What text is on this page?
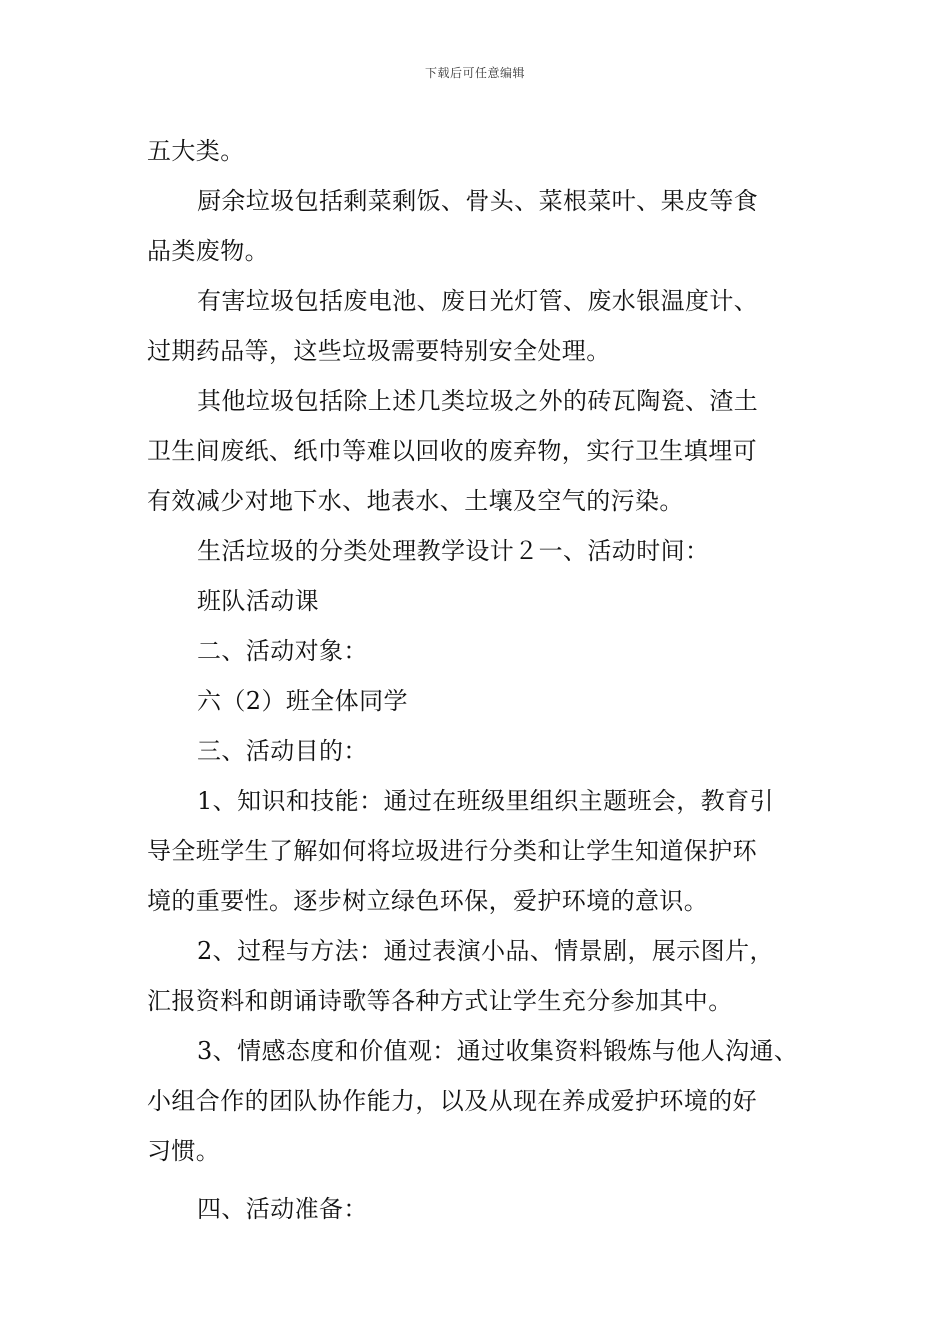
下载后可任意编辑
五大类。
厨余垃圾包括剩菜剩饭、骨头、菜根菜叶、果皮等食
品类废物。
有害垃圾包括废电池、废日光灯管、废水银温度计、
过期药品等，这些垃圾需要特别安全处理。
其他垃圾包括除上述几类垃圾之外的砖瓦陶瓷、渣土
卫生间废纸、纸巾等难以回收的废弃物，实行卫生填埋可
有效减少对地下水、地表水、土壤及空气的污染。
生活垃圾的分类处理教学设计２一、活动时间：
班队活动课
二、活动对象：
六（2）班全体同学
三、活动目的：
1、知识和技能：通过在班级里组织主题班会，教育引
导全班学生了解如何将垃圾进行分类和让学生知道保护环
境的重要性。逐步树立绿色环保，爱护环境的意识。
2、过程与方法：通过表演小品、情景剧，展示图片，
汇报资料和朗诵诗歌等各种方式让学生充分参加其中。
3、情感态度和价值观：通过收集资料锻炼与他人沟通、
小组合作的团队协作能力，以及从现在养成爱护环境的好
习惯。
四、活动准备：
